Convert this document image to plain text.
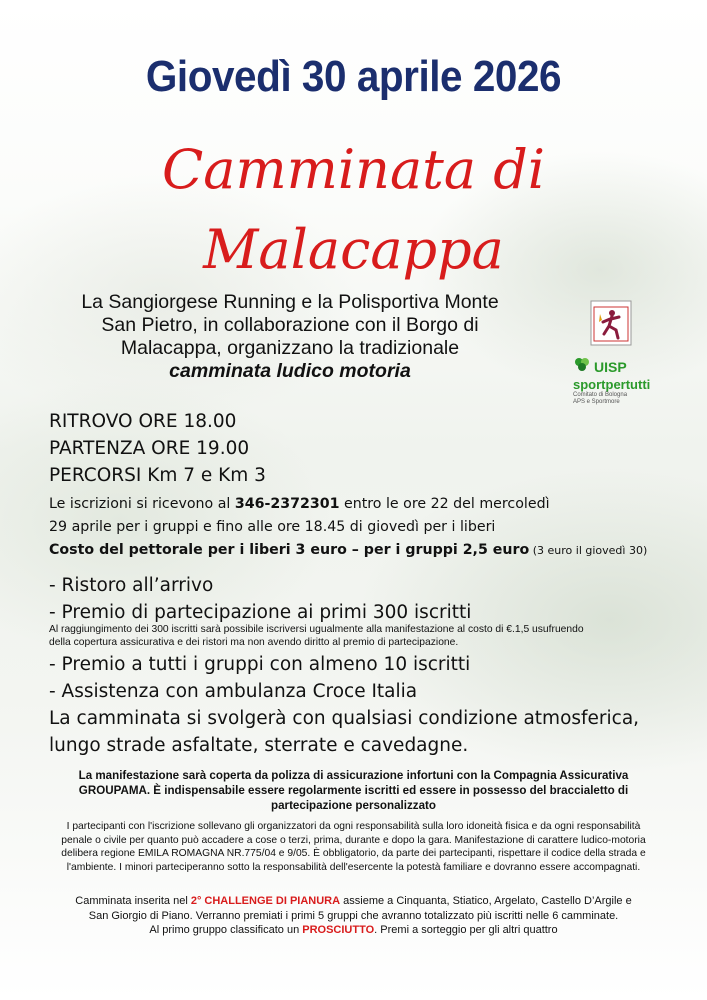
Giovedì 30 aprile 2026
Camminata di
Malacappa
La Sangiorgese Running e la Polisportiva Monte
San Pietro, in collaborazione con il Borgo di
Malacappa, organizzano la tradizionale
camminata ludico motoria	UISP
sportpertutti
Comitato di Bologna
APS e Sportmore
RITROVO ORE 18.00
PARTENZA ORE 19.00
PERCORSI Km 7 e Km 3
Le iscrizioni si ricevono al 346-2372301 entro le ore 22 del mercoledì
29 aprile per i gruppi e fino alle ore 18.45 di giovedì per i liberi
Costo del pettorale per i liberi 3 euro – per i gruppi 2,5 euro (3 euro il giovedì 30)
- Ristoro all’arrivo
- Premio di partecipazione ai primi 300 iscritti
Al raggiungimento dei 300 iscritti sarà possibile iscriversi ugualmente alla manifestazione al costo di €.1,5 usufruendo
della copertura assicurativa e dei ristori ma non avendo diritto al premio di partecipazione.
- Premio a tutti i gruppi con almeno 10 iscritti
- Assistenza con ambulanza Croce Italia
La camminata si svolgerà con qualsiasi condizione atmosferica,
lungo strade asfaltate, sterrate e cavedagne.
La manifestazione sarà coperta da polizza di assicurazione infortuni con la Compagnia Assicurativa
GROUPAMA. È indispensabile essere regolarmente iscritti ed essere in possesso del braccialetto di
partecipazione personalizzato
I partecipanti con l'iscrizione sollevano gli organizzatori da ogni responsabilità sulla loro idoneità fisica e da ogni responsabilità
penale o civile per quanto può accadere a cose o terzi, prima, durante e dopo la gara. Manifestazione di carattere ludico-motoria
delibera regione EMILA ROMAGNA NR.775/04 e 9/05. È obbligatorio, da parte dei partecipanti, rispettare il codice della strada e
l'ambiente. I minori parteciperanno sotto la responsabilità dell'esercente la potestà familiare e dovranno essere accompagnati.
Camminata inserita nel 2° CHALLENGE DI PIANURA assieme a Cinquanta, Stiatico, Argelato, Castello D’Argile e
San Giorgio di Piano. Verranno premiati i primi 5 gruppi che avranno totalizzato più iscritti nelle 6 camminate.
Al primo gruppo classificato un PROSCIUTTO. Premi a sorteggio per gli altri quattro
